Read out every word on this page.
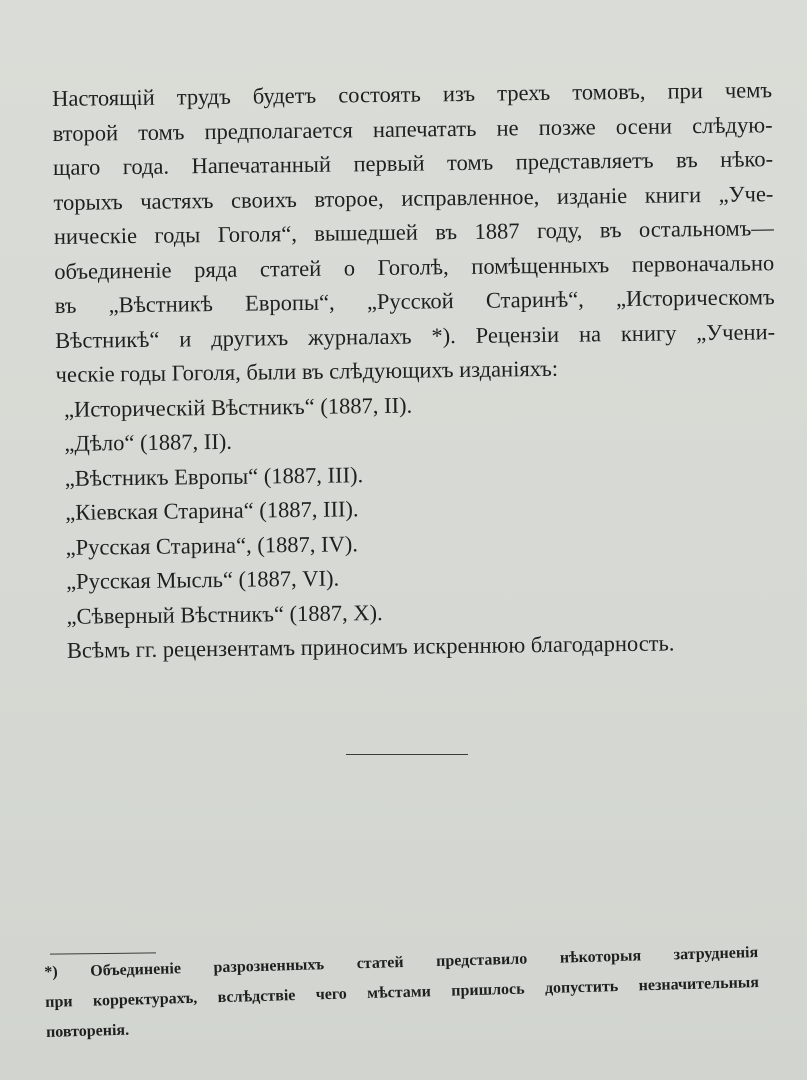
Настоящій трудъ будетъ состоять изъ трехъ томовъ, при чемъ
второй томъ предполагается напечатать не позже осени слѣдую-
щаго года. Напечатанный первый томъ представляетъ въ нѣко-
торыхъ частяхъ своихъ второе, исправленное, изданіе книги „Уче-
ническіе годы Гоголя“, вышедшей въ 1887 году, въ остальномъ—
объединеніе ряда статей о Гоголѣ, помѣщенныхъ первоначально
въ „Вѣстникѣ Европы“, „Русской Старинѣ“, „Историческомъ
Вѣстникѣ“ и другихъ журналахъ *). Рецензіи на книгу „Учени-
ческіе годы Гоголя, были въ слѣдующихъ изданіяхъ:
„Историческій Вѣстникъ“ (1887, II).
„Дѣло“ (1887, II).
„Вѣстникъ Европы“ (1887, III).
„Кіевская Старина“ (1887, III).
„Русская Старина“, (1887, IV).
„Русская Мысль“ (1887, VI).
„Сѣверный Вѣстникъ“ (1887, X).
Всѣмъ гг. рецензентамъ приносимъ искреннюю благодарность.
*) Объединеніе разрозненныхъ статей представило нѣкоторыя затрудненія
при корректурахъ, вслѣдствіе чего мѣстами пришлось допустить незначительныя
повторенія.
